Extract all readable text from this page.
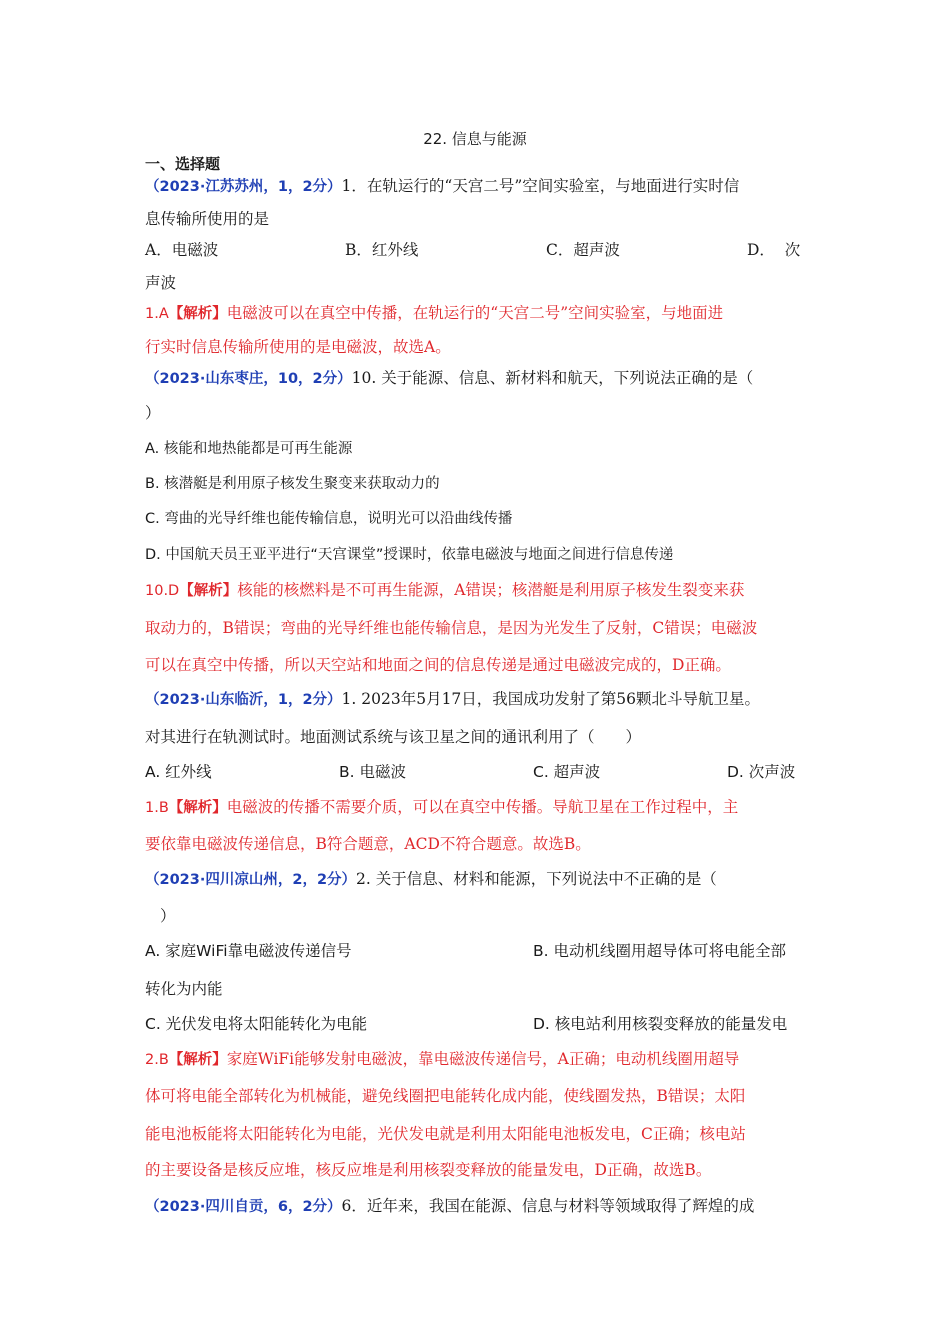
22. 信息与能源
一、选择题
（2023·江苏苏州，1，2分）1．在轨运行的“天宫二号”空间实验室，与地面进行实时信
息传输所使用的是
A．电磁波	B．红外线	C．超声波	D．  次
声波
1.A【解析】电磁波可以在真空中传播，在轨运行的“天宫二号”空间实验室，与地面进
行实时信息传输所使用的是电磁波，故选A。
（2023·山东枣庄，10，2分）10. 关于能源、信息、新材料和航天，下列说法正确的是（
）
A. 核能和地热能都是可再生能源
B. 核潜艇是利用原子核发生聚变来获取动力的
C. 弯曲的光导纤维也能传输信息，说明光可以沿曲线传播
D. 中国航天员王亚平进行“天宫课堂”授课时，依靠电磁波与地面之间进行信息传递
10.D【解析】核能的核燃料是不可再生能源，A错误；核潜艇是利用原子核发生裂变来获
取动力的，B错误；弯曲的光导纤维也能传输信息，是因为光发生了反射，C错误；电磁波
可以在真空中传播，所以天空站和地面之间的信息传递是通过电磁波完成的，D正确。
（2023·山东临沂，1，2分）1. 2023年5月17日，我国成功发射了第56颗北斗导航卫星。
对其进行在轨测试时。地面测试系统与该卫星之间的通讯利用了（　　）
A. 红外线	B. 电磁波	C. 超声波	D. 次声波
1.B【解析】电磁波的传播不需要介质，可以在真空中传播。导航卫星在工作过程中，主
要依靠电磁波传递信息，B符合题意，ACD不符合题意。故选B。
（2023·四川凉山州，2，2分）2. 关于信息、材料和能源，下列说法中不正确的是（
）
A. 家庭WiFi靠电磁波传递信号	B. 电动机线圈用超导体可将电能全部
转化为内能
C. 光伏发电将太阳能转化为电能	D. 核电站利用核裂变释放的能量发电
2.B【解析】家庭WiFi能够发射电磁波，靠电磁波传递信号，A正确；电动机线圈用超导
体可将电能全部转化为机械能，避免线圈把电能转化成内能，使线圈发热，B错误；太阳
能电池板能将太阳能转化为电能，光伏发电就是利用太阳能电池板发电，C正确；核电站
的主要设备是核反应堆，核反应堆是利用核裂变释放的能量发电，D正确，故选B。
（2023·四川自贡，6，2分）6．近年来，我国在能源、信息与材料等领域取得了辉煌的成
